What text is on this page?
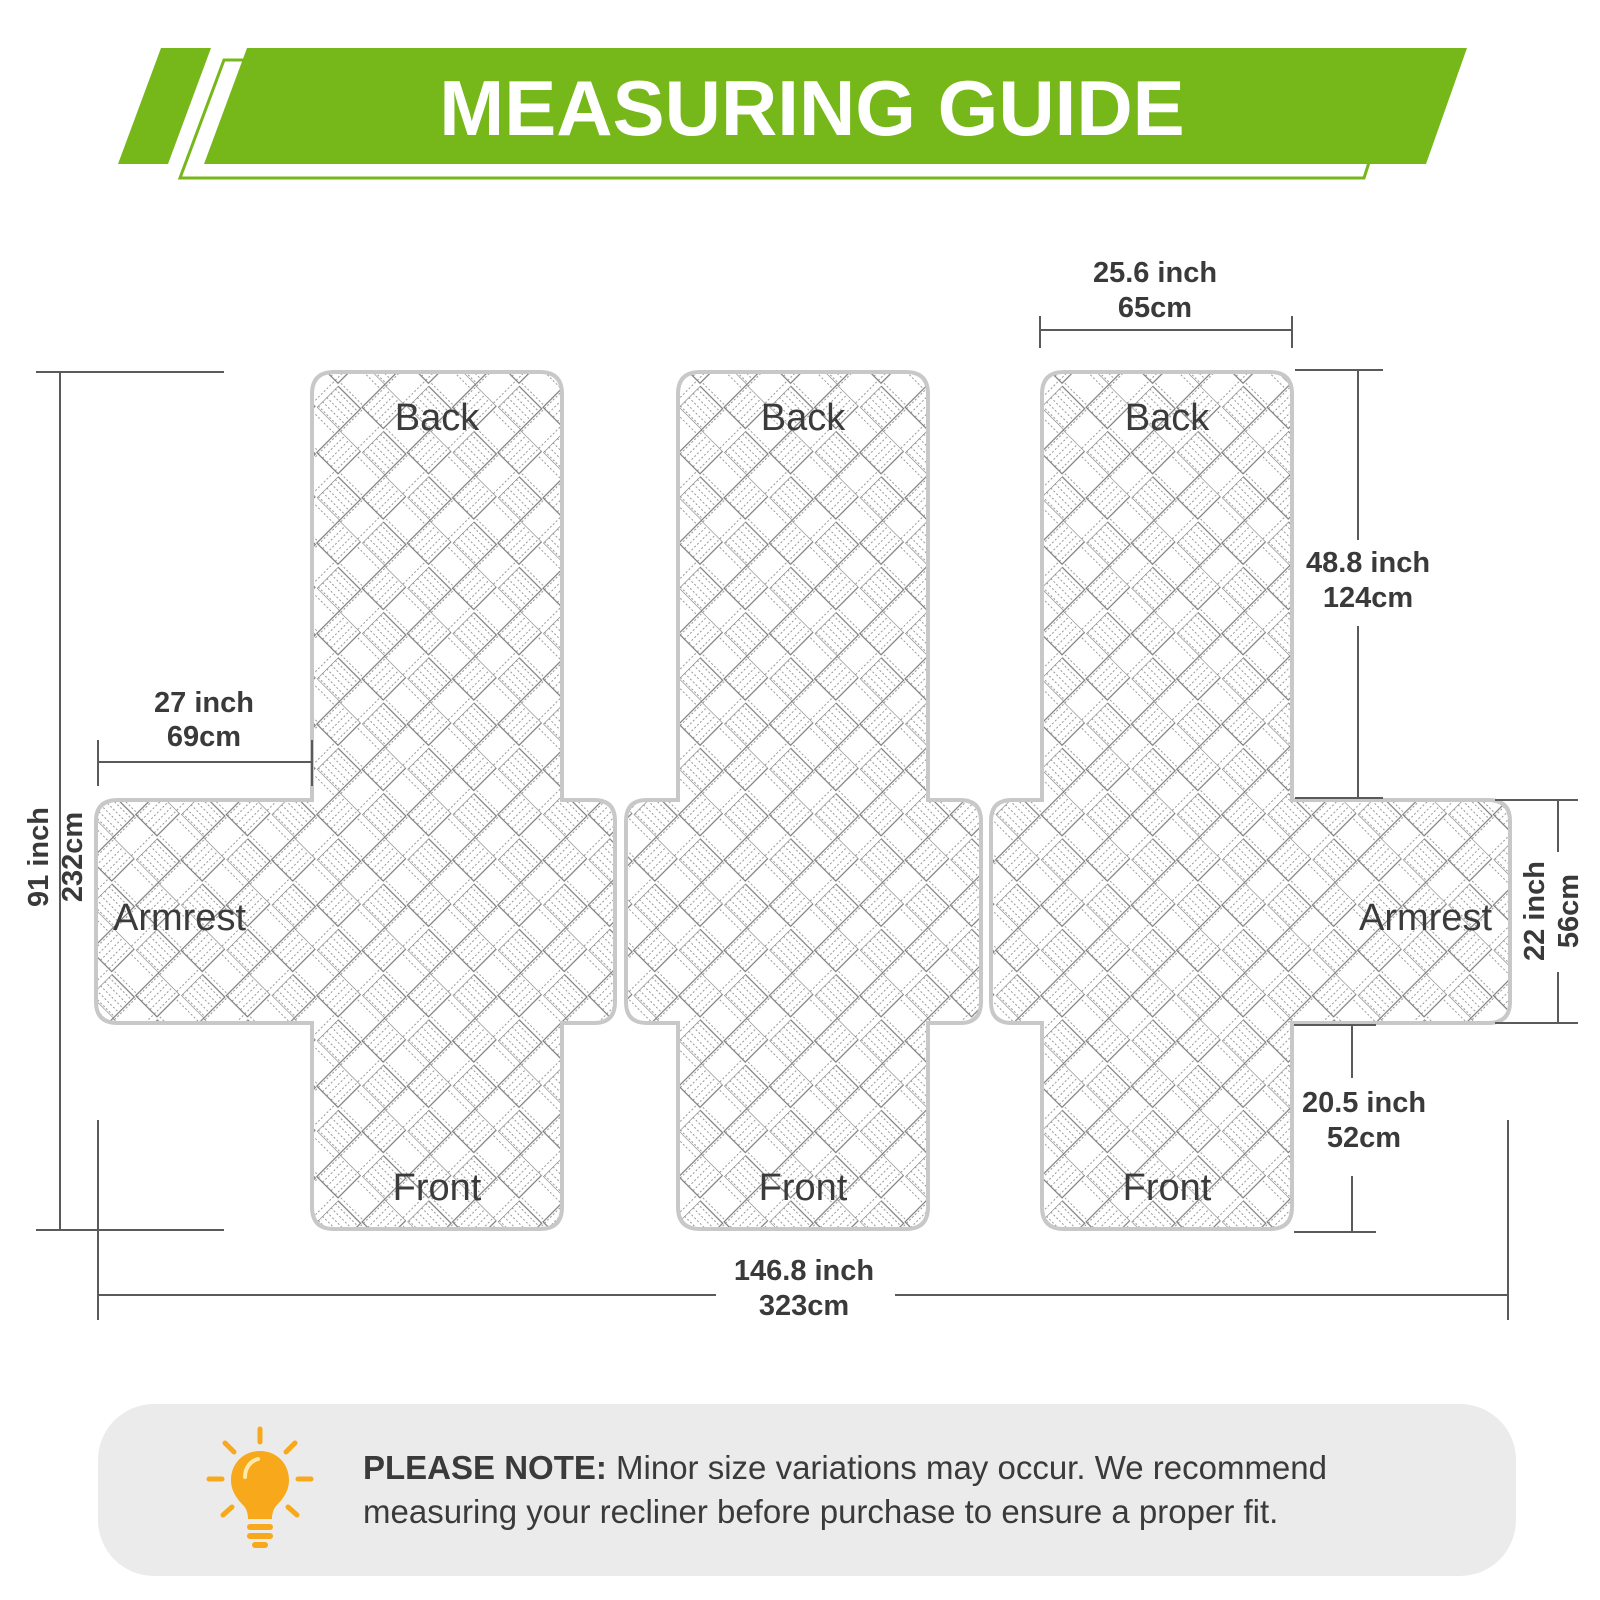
MEASURING GUIDE
Back
Front
Armrest
Back
Front
Back
Front
Armrest
91 inch 232cm
27 inch
69cm
25.6 inch
65cm
48.8 inch
124cm
22 inch 56cm
20.5 inch
52cm
146.8 inch
323cm
PLEASE NOTE: Minor size variations may occur. We recommend measuring your recliner before purchase to ensure a proper fit.
